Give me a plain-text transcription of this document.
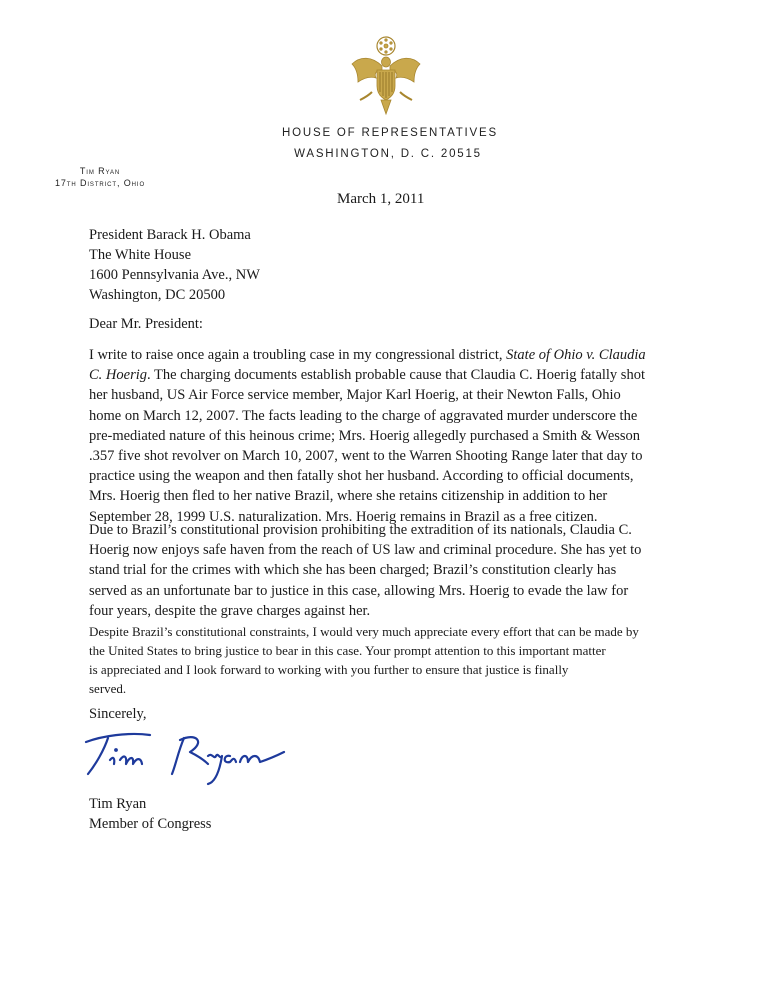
HOUSE OF REPRESENTATIVES
WASHINGTON, D. C. 20515
Tim Ryan
17th District, Ohio
March 1, 2011
President Barack H. Obama
The White House
1600 Pennsylvania Ave., NW
Washington, DC 20500
Dear Mr. President:
I write to raise once again a troubling case in my congressional district, State of Ohio v. Claudia
C. Hoerig. The charging documents establish probable cause that Claudia C. Hoerig fatally shot
her husband, US Air Force service member, Major Karl Hoerig, at their Newton Falls, Ohio
home on March 12, 2007. The facts leading to the charge of aggravated murder underscore the
pre-mediated nature of this heinous crime; Mrs. Hoerig allegedly purchased a Smith & Wesson
.357 five shot revolver on March 10, 2007, went to the Warren Shooting Range later that day to
practice using the weapon and then fatally shot her husband. According to official documents,
Mrs. Hoerig then fled to her native Brazil, where she retains citizenship in addition to her
September 28, 1999 U.S. naturalization. Mrs. Hoerig remains in Brazil as a free citizen.
Due to Brazil’s constitutional provision prohibiting the extradition of its nationals, Claudia C.
Hoerig now enjoys safe haven from the reach of US law and criminal procedure. She has yet to
stand trial for the crimes with which she has been charged; Brazil’s constitution clearly has
served as an unfortunate bar to justice in this case, allowing Mrs. Hoerig to evade the law for
four years, despite the grave charges against her.
Despite Brazil’s constitutional constraints, I would very much appreciate every effort that can be made by
the United States to bring justice to bear in this case. Your prompt attention to this important matter
is appreciated and I look forward to working with you further to ensure that justice is finally
served.
Sincerely,
Tim Ryan
Member of Congress
